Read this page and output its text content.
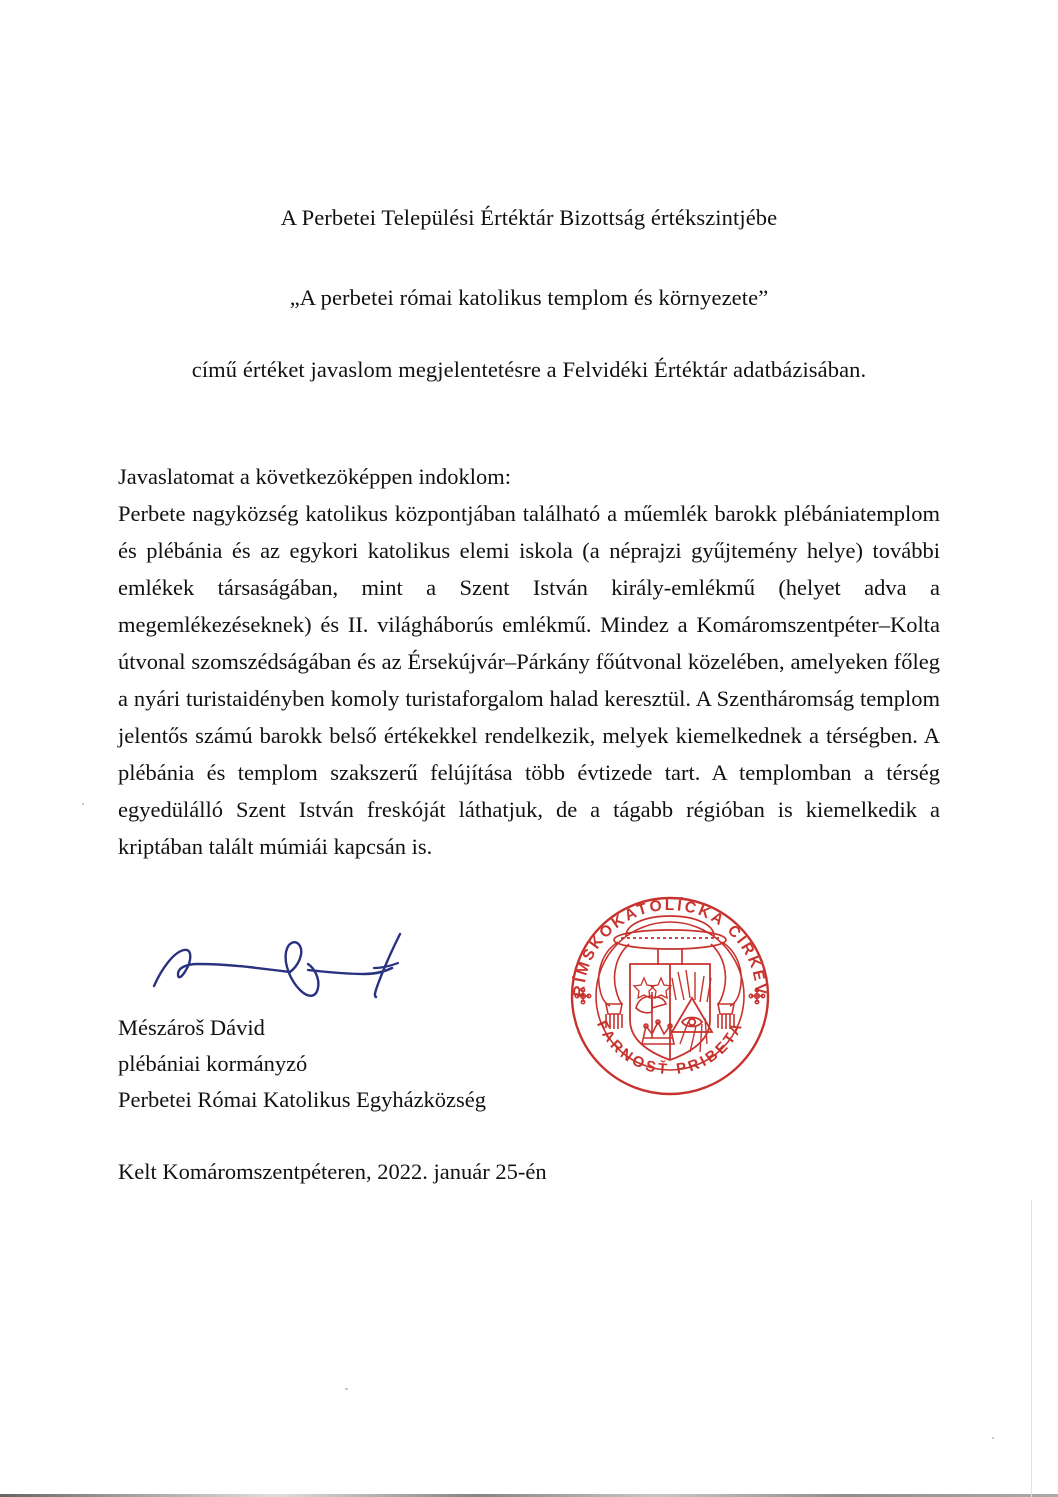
A Perbetei Települési Értéktár Bizottság értékszintjébe
„A perbetei római katolikus templom és környezete”
című értéket javaslom megjelentetésre a Felvidéki Értéktár adatbázisában.

Javaslatomat a következöképpen indoklom:

Perbete nagyközség katolikus központjában található a műemlék barokk plébániatemplom és plébánia és az egykori katolikus elemi iskola (a néprajzi gyűjtemény helye) további emlékek társaságában, mint a Szent István király-emlékmű (helyet adva a megemlékezéseknek) és II. világháborús emlékmű. Mindez a Komáromszentpéter–Kolta útvonal szomszédságában és az Érsekújvár–Párkány főútvonal közelében, amelyeken főleg a nyári turistaidényben komoly turistaforgalom halad keresztül. A Szentháromság templom jelentős számú barokk belső értékekkel rendelkezik, melyek kiemelkednek a térségben. A plébánia és templom szakszerű felújítása több évtizede tart. A templomban a térség egyedülálló Szent István freskóját láthatjuk, de a tágabb régióban is kiemelkedik a kriptában talált múmiái kapcsán is.

Mészároš Dávid
plébániai kormányzó
Perbetei Római Katolikus Egyházközség
Kelt Komáromszentpéteren, 2022. január 25-én
RÍMSKOKATOLÍCKA CIRKEV
FARNOSŤ PRIBETA
